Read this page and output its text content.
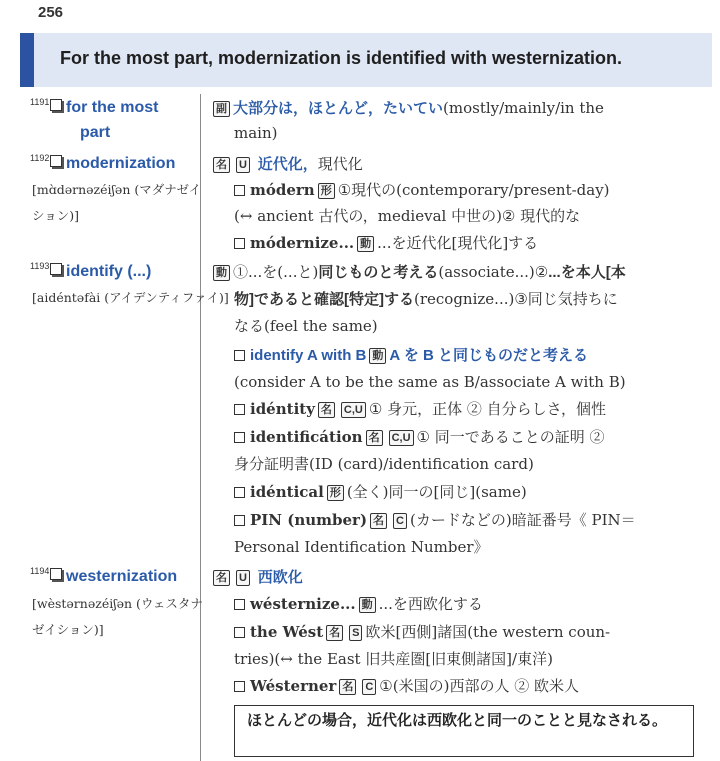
256
For the most part, modernization is identified with westernization.
1191 for the most
part
副 大部分は，ほとんど，たいてい(mostly/mainly/in the
main)
1192 modernization
[mɑ̀dərnəzéiʃən (マダナゼイ
ション)]
名 U 近代化，現代化
módern 形 ①現代の(contemporary/present-day)
(↔ ancient 古代の，medieval 中世の)② 現代的な
módernize... 動 ...を近代化[現代化]する
1193 identify (...)
[aidéntəfài (アイデンティファイ)]
動 ①...を(...と)同じものと考える(associate...)②...を本人[本
物]であると確認[特定]する(recognize...)③同じ気持ちに
なる(feel the same)
identify A with B 動 A を B と同じものだと考える
(consider A to be the same as B/associate A with B)
idéntity 名 C,U ① 身元，正体 ② 自分らしさ，個性
identificátion 名 C,U ① 同一であることの証明 ②
身分証明書(ID (card)/identification card)
idéntical 形 (全く)同一の[同じ](same)
PIN (number) 名 C (カードなどの)暗証番号《 PIN＝
Personal Identification Number》
1194 westernization
[wèstərnəzéiʃən (ウェスタナ
ゼイション)]
名 U 西欧化
wésternize... 動 ...を西欧化する
the Wést 名 S 欧米[西側]諸国(the western coun-
tries)(↔ the East 旧共産圏[旧東側諸国]/東洋)
Wésterner 名 C ①(米国の)西部の人 ② 欧米人
ほとんどの場合，近代化は西欧化と同一のことと見なされる。
